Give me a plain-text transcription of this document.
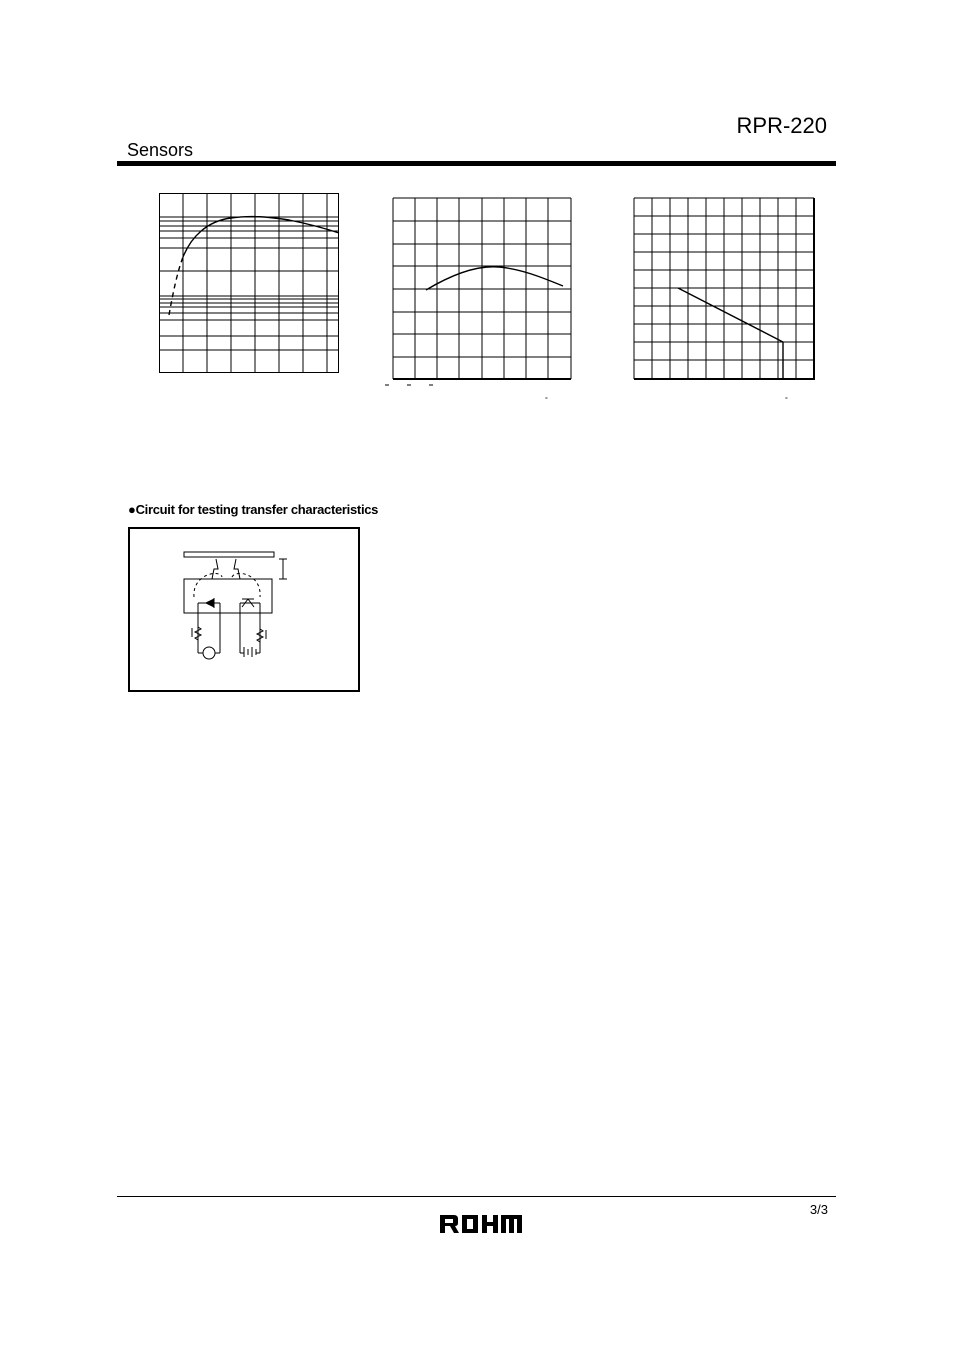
RPR-220
Sensors
°	°
●Circuit for testing transfer characteristics
3/3
